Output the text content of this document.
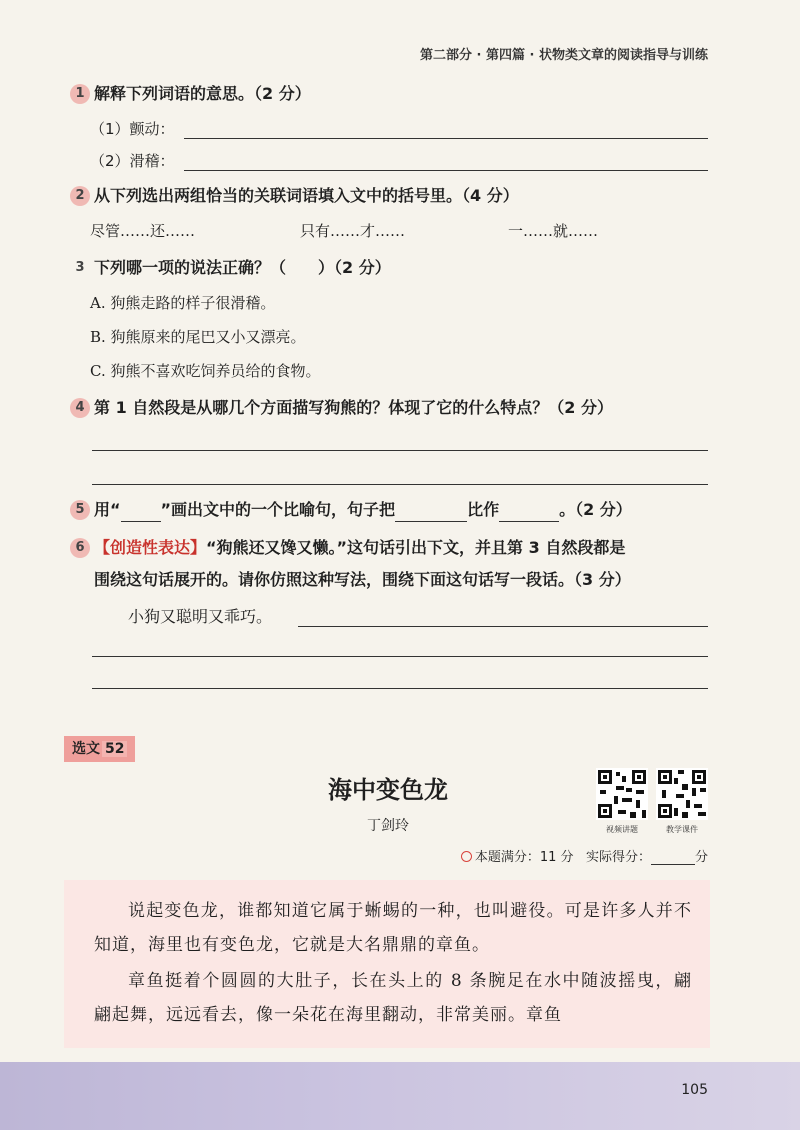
第二部分 · 第四篇 · 状物类文章的阅读指导与训练
1 解释下列词语的意思。（2 分）
（1）颤动：
（2）滑稽：
2 从下列选出两组恰当的关联词语填入文中的括号里。（4 分）
尽管……还……	只有……才……	一……就……
3 下列哪一项的说法正确？（　　）（2 分）
A. 狗熊走路的样子很滑稽。
B. 狗熊原来的尾巴又小又漂亮。
C. 狗熊不喜欢吃饲养员给的食物。
4 第 1 自然段是从哪几个方面描写狗熊的？体现了它的什么特点？（2 分）
5 用“	”画出文中的一个比喻句，句子把	比作	。（2 分）
6 【创造性表达】“狗熊还又馋又懒。”这句话引出下文，并且第 3 自然段都是
围绕这句话展开的。请你仿照这种写法，围绕下面这句话写一段话。（3 分）
小狗又聪明又乖巧。
选文 52
海中变色龙
丁剑玲	视频讲题	教学课件
本题满分：11 分 实际得分：	分

说起变色龙，谁都知道它属于蜥蜴的一种，也叫避役。可是许多人并不知道，海里也有变色龙，它就是大名鼎鼎的章鱼。

章鱼挺着个圆圆的大肚子，长在头上的 8 条腕足在水中随波摇曳，翩翩起舞，远远看去，像一朵花在海里翻动，非常美丽。章鱼

105
